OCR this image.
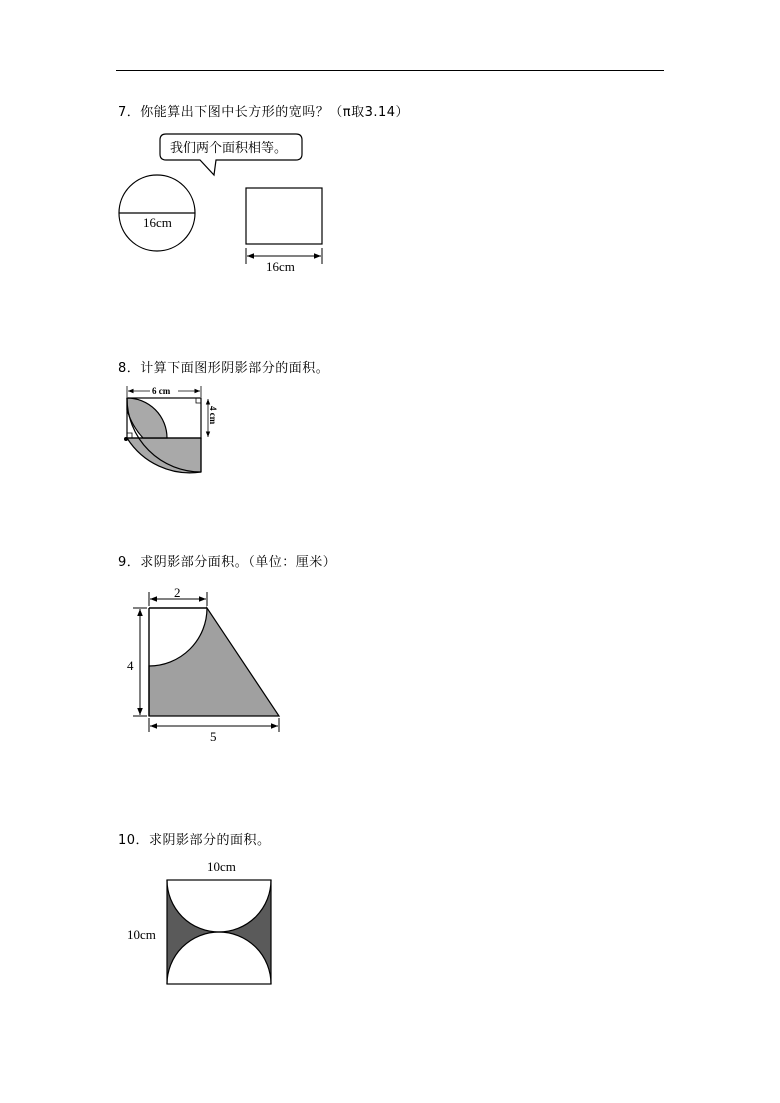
7．你能算出下图中长方形的宽吗？（π取3.14）
8．计算下面图形阴影部分的面积。
9．求阴影部分面积。（单位：厘米）
10．求阴影部分的面积。
我们两个面积相等。
16cm
16cm
6 cm
4 cm
2
4
5
10cm
10cm
